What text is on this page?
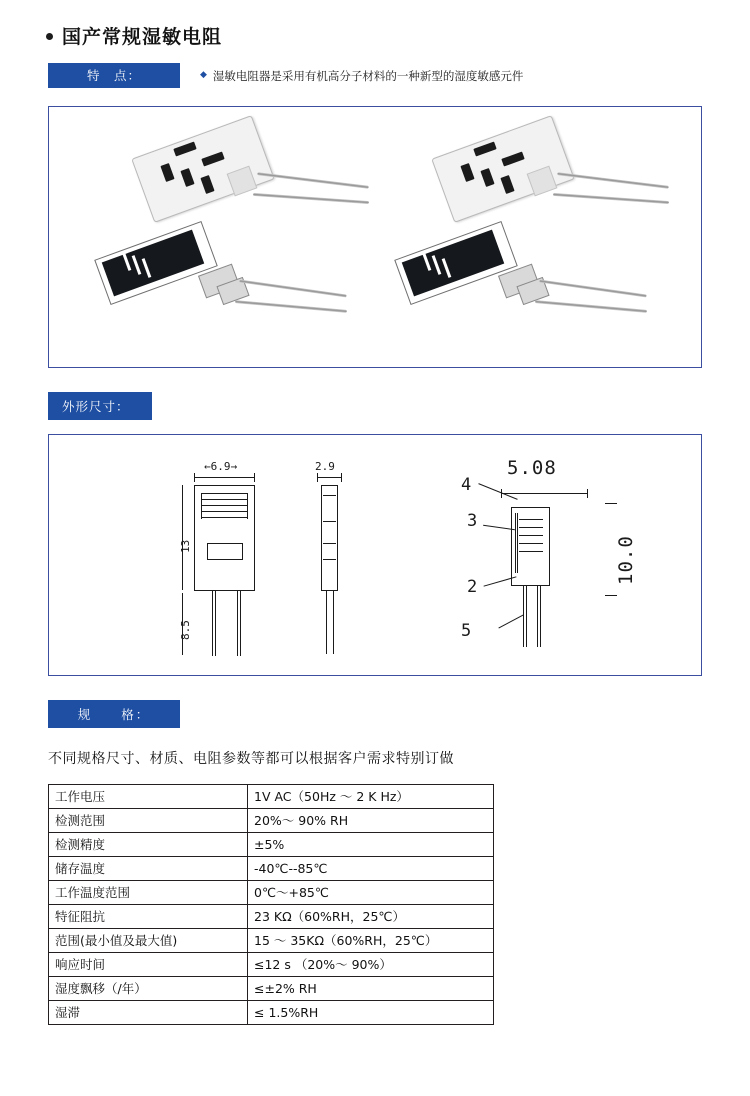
国产常规湿敏电阻
特　点：	◆ 湿敏电阻器是采用有机高分子材料的一种新型的湿度敏感元件
外形尺寸：
←6.9→
13
8.5
2.9	5.08
10.0
4
3
2
5
规　　格：
不同规格尺寸、材质、电阻参数等都可以根据客户需求特别订做
工作电压	1V AC（50Hz ～ 2 K Hz）
检测范围	20%～ 90% RH
检测精度	±5%
储存温度	-40℃--85℃
工作温度范围	0℃～+85℃
特征阻抗	23 KΩ（60%RH，25℃）
范围(最小值及最大值)	15 ～ 35KΩ（60%RH，25℃）
响应时间	≤12 s （20%～ 90%）
湿度飘移（/年）	≤±2% RH
湿滞	≤ 1.5%RH
